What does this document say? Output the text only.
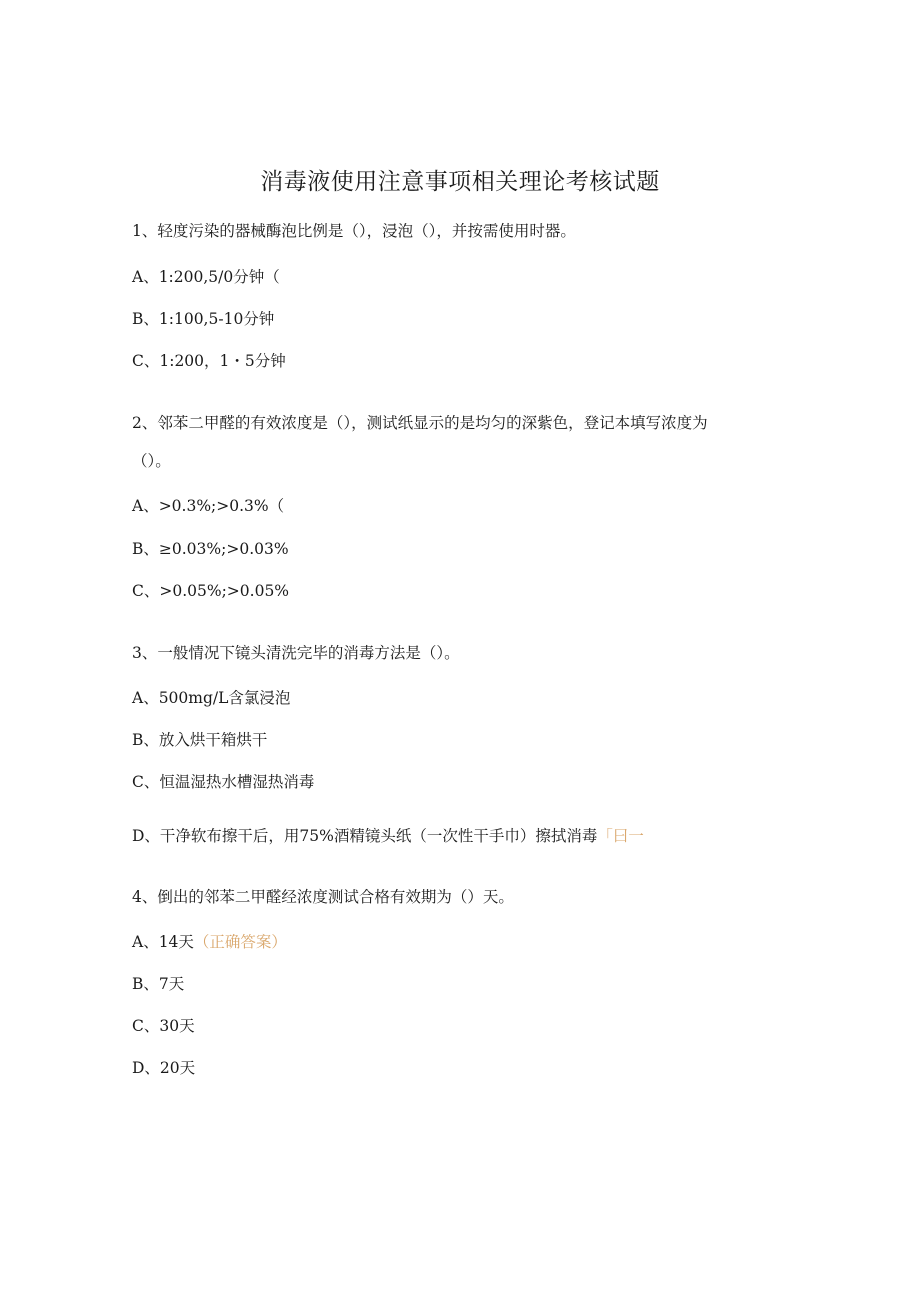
消毒液使用注意事项相关理论考核试题
1、轻度污染的器械酶泡比例是（），浸泡（），并按需使用时器。
A、1:200,5/0分钟（
B、1:100,5-10分钟
C、1:200，1・5分钟
2、邻苯二甲醛的有效浓度是（），测试纸显示的是均匀的深紫色，登记本填写浓度为
（）。
A、>0.3%;>0.3%（
B、≥0.03%;>0.03%
C、>0.05%;>0.05%
3、一般情况下镜头清洗完毕的消毒方法是（）。
A、500mg/L含氯浸泡
B、放入烘干箱烘干
C、恒温湿热水槽湿热消毒
D、干净软布擦干后，用75%酒精镜头纸（一次性干手巾）擦拭消毒「曰一
4、倒出的邻苯二甲醛经浓度测试合格有效期为（）天。
A、14天（正确答案）
B、7天
C、30天
D、20天
